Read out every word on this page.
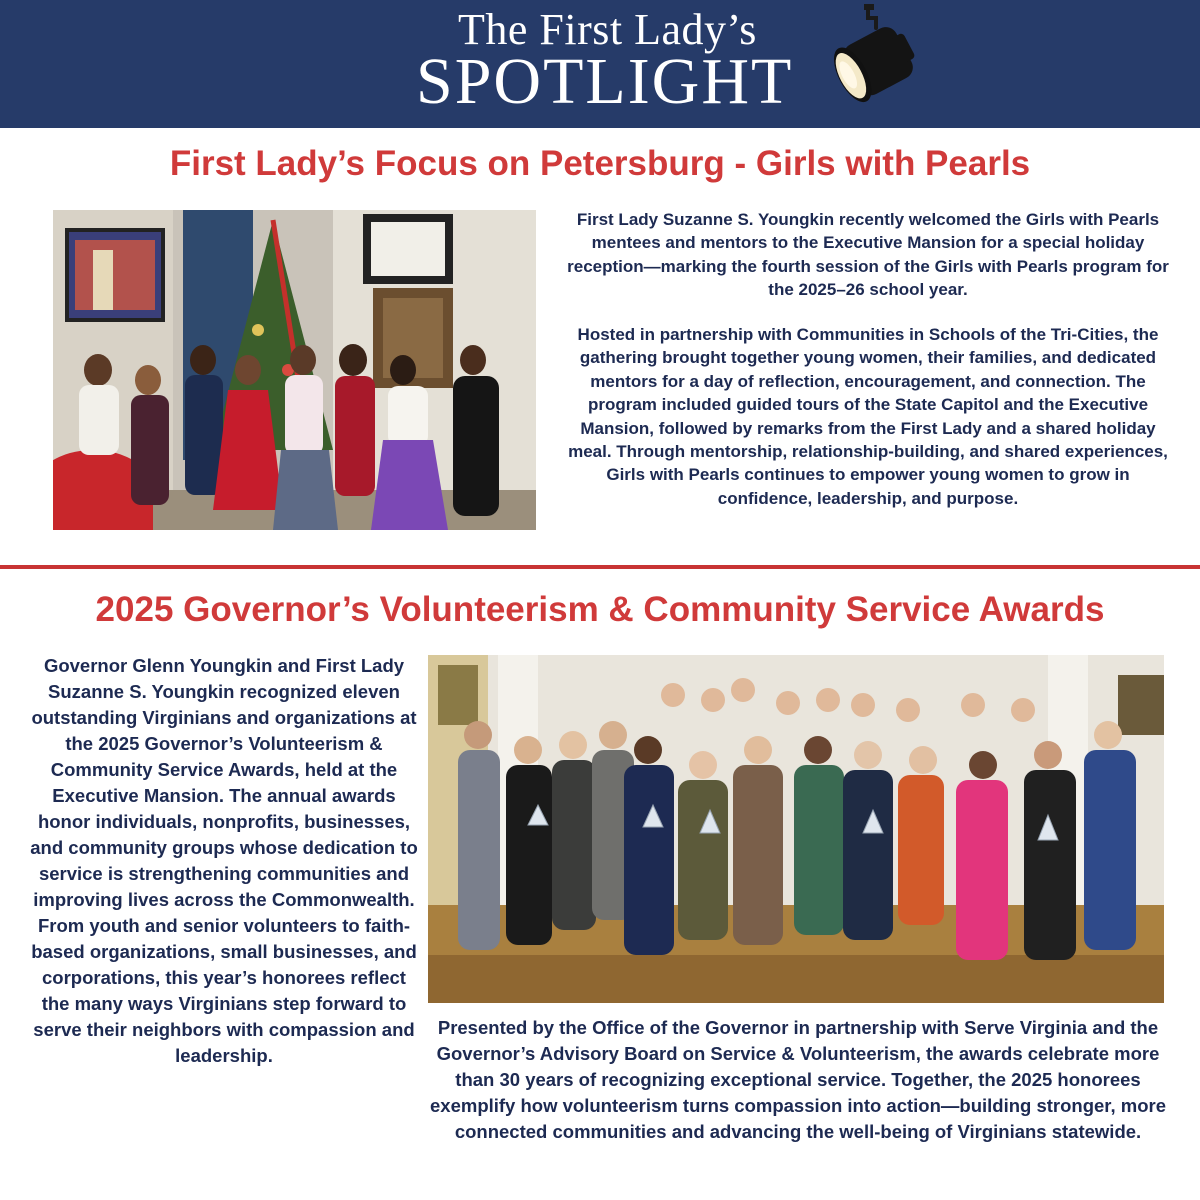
The First Lady’s
SPOTLIGHT
First Lady’s Focus on Petersburg - Girls with Pearls
First Lady Suzanne S. Youngkin recently welcomed the Girls with Pearls mentees and mentors to the Executive Mansion for a special holiday reception—marking the fourth session of the Girls with Pearls program for the 2025–26 school year.
Hosted in partnership with Communities in Schools of the Tri-Cities, the gathering brought together young women, their families, and dedicated mentors for a day of reflection, encouragement, and connection. The program included guided tours of the State Capitol and the Executive Mansion, followed by remarks from the First Lady and a shared holiday meal. Through mentorship, relationship-building, and shared experiences, Girls with Pearls continues to empower young women to grow in confidence, leadership, and purpose.
2025 Governor’s Volunteerism & Community Service Awards
Governor Glenn Youngkin and First Lady Suzanne S. Youngkin recognized eleven outstanding Virginians and organizations at the 2025 Governor’s Volunteerism & Community Service Awards, held at the Executive Mansion. The annual awards honor individuals, nonprofits, businesses, and community groups whose dedication to service is strengthening communities and improving lives across the Commonwealth. From youth and senior volunteers to faith-based organizations, small businesses, and corporations, this year’s honorees reflect the many ways Virginians step forward to serve their neighbors with compassion and leadership.
Presented by the Office of the Governor in partnership with Serve Virginia and the Governor’s Advisory Board on Service & Volunteerism, the awards celebrate more than 30 years of recognizing exceptional service. Together, the 2025 honorees exemplify how volunteerism turns compassion into action—building stronger, more connected communities and advancing the well-being of Virginians statewide.
